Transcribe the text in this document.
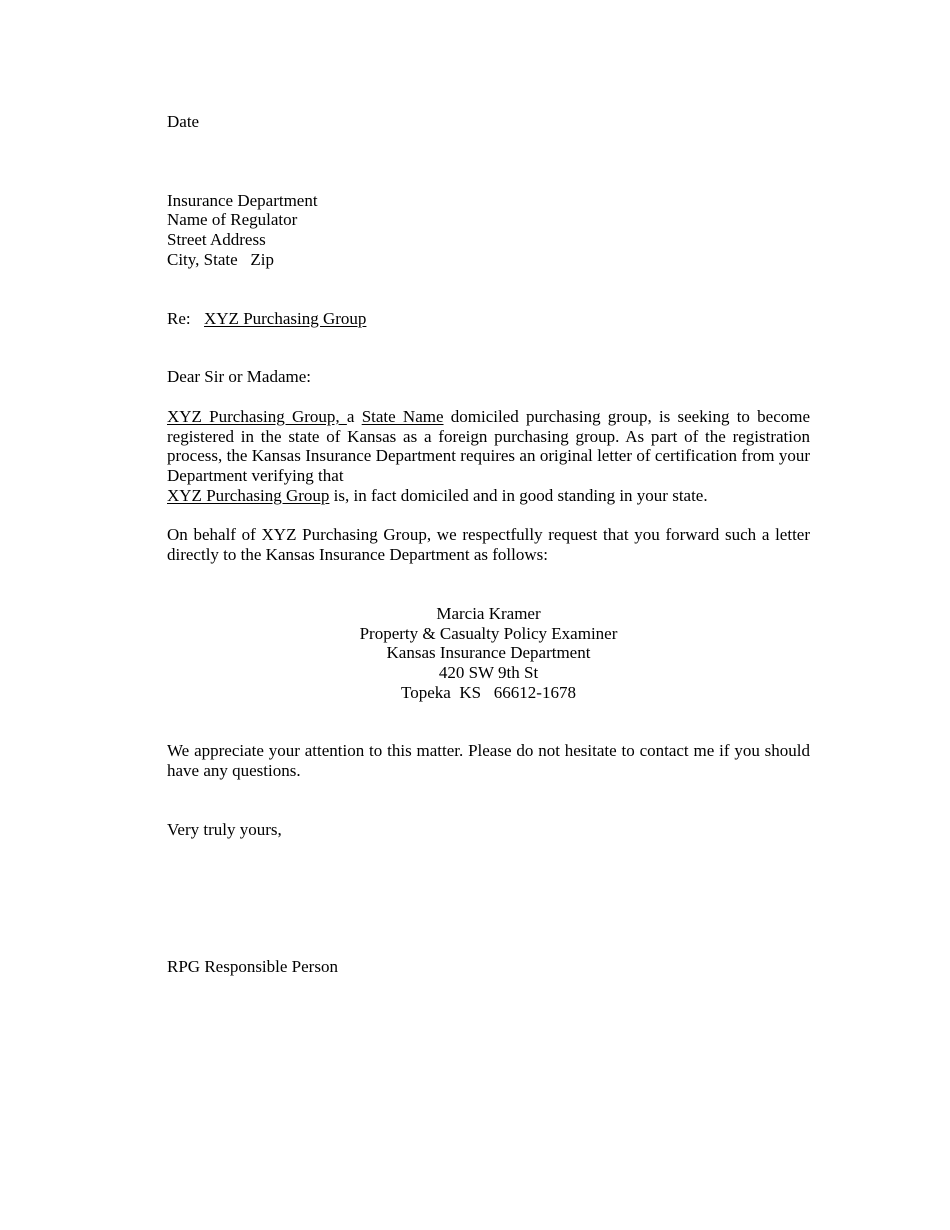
Date
Insurance Department
Name of Regulator
Street Address
City, State   Zip
Re: XYZ Purchasing Group
Dear Sir or Madame:
XYZ Purchasing Group, a State Name domiciled purchasing group, is seeking to become registered in the state of Kansas as a foreign purchasing group. As part of the registration process, the Kansas Insurance Department requires an original letter of certification from your Department verifying that
XYZ Purchasing Group is, in fact domiciled and in good standing in your state.
On behalf of XYZ Purchasing Group, we respectfully request that you forward such a letter directly to the Kansas Insurance Department as follows:
Marcia Kramer
Property & Casualty Policy Examiner
Kansas Insurance Department
420 SW 9th St
Topeka  KS   66612-1678
We appreciate your attention to this matter. Please do not hesitate to contact me if you should have any questions.
Very truly yours,
RPG Responsible Person
